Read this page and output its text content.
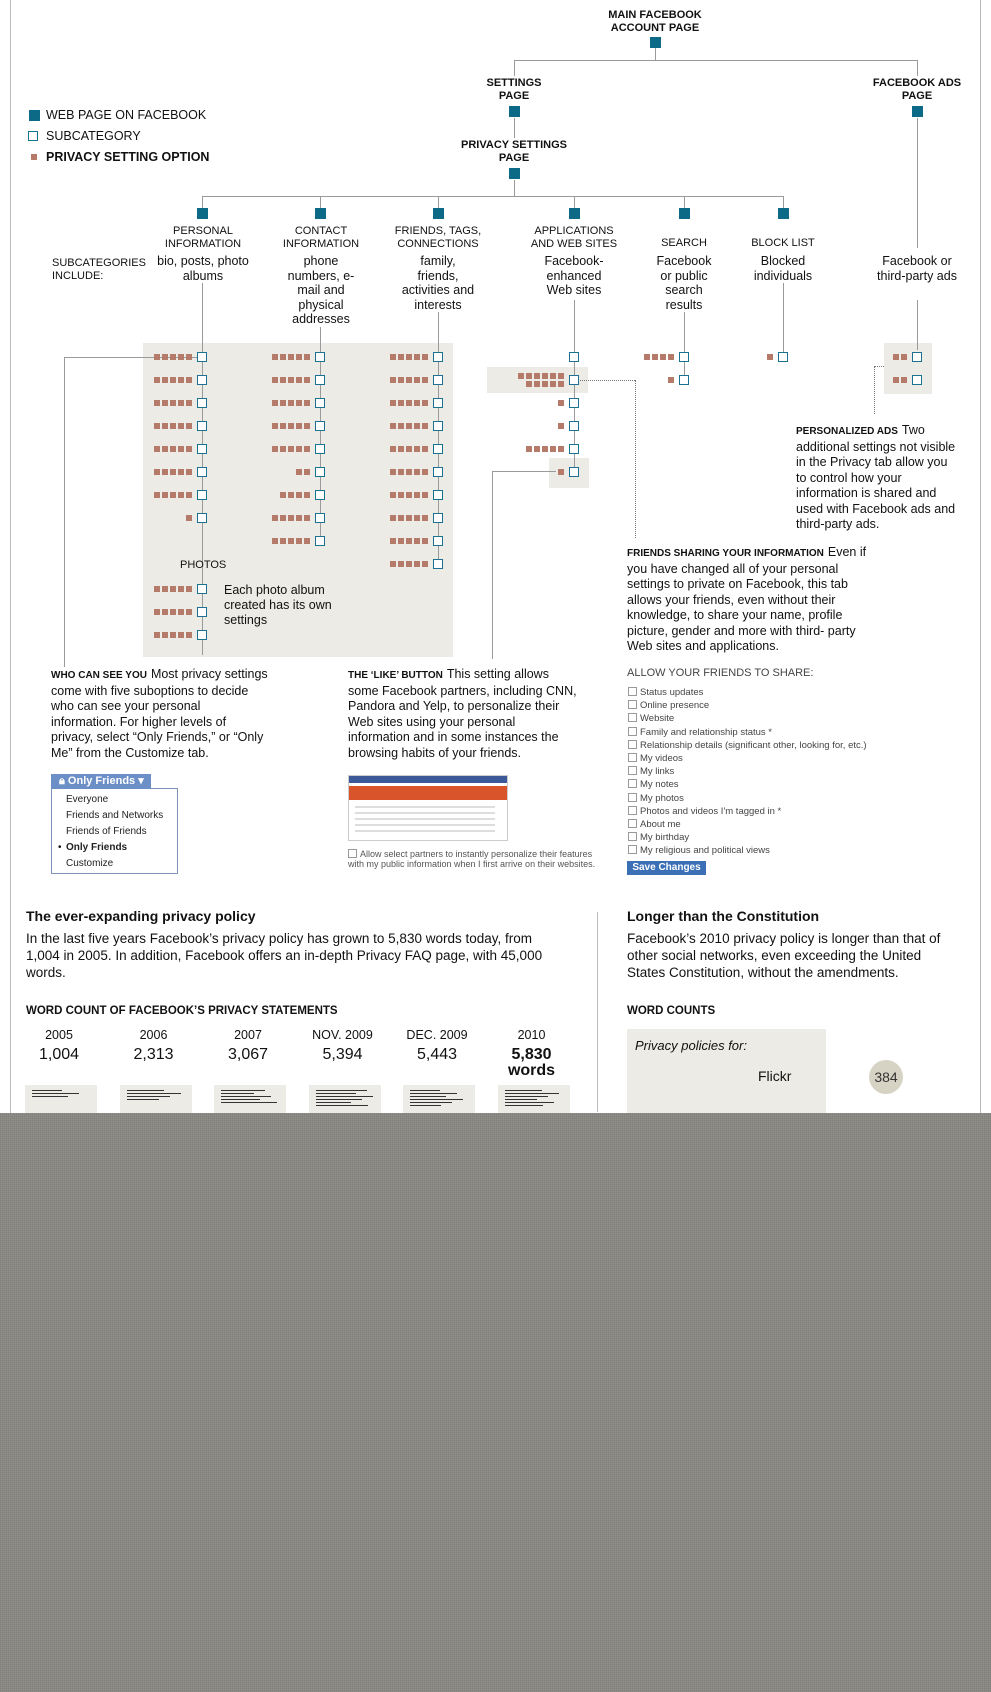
MAIN FACEBOOK ACCOUNT PAGE
SETTINGS PAGE
FACEBOOK ADS PAGE
PRIVACY SETTINGS PAGE
WEB PAGE ON FACEBOOK
SUBCATEGORY
PRIVACY SETTING OPTION
SUBCATEGORIES INCLUDE:
PERSONAL INFORMATION
bio, posts, photo albums
CONTACT INFORMATION
phone numbers, e-mail and physical addresses
FRIENDS, TAGS, CONNECTIONS
family, friends, activities and interests
APPLICATIONS AND WEB SITES
Facebook-enhanced Web sites
SEARCH
Facebook or public search results
BLOCK LIST
Blocked individuals
Facebook or third-party ads
PHOTOS
Each photo album created has its own settings
WHO CAN SEE YOU Most privacy settings come with five suboptions to decide who can see your personal information. For higher levels of privacy, select “Only Friends,” or “Only Me” from the Customize tab.
THE ‘LIKE’ BUTTON This setting allows some Facebook partners, including CNN, Pandora and Yelp, to personalize their Web sites using your personal information and in some instances the browsing habits of your friends.
FRIENDS SHARING YOUR INFORMATION Even if you have changed all of your personal settings to private on Facebook, this tab allows your friends, even without their knowledge, to share your name, profile picture, gender and more with third- party Web sites and applications.
PERSONALIZED ADS Two additional settings not visible in the Privacy tab allow you to control how your information is shared and used with Facebook ads and third-party ads.
🔒︎ Only Friends ▾
Everyone
Friends and Networks
Friends of Friends
• Only Friends
Customize
Allow select partners to instantly personalize their features with my public information when I first arrive on their websites.
ALLOW YOUR FRIENDS TO SHARE:
Status updates
Online presence
Website
Family and relationship status *
Relationship details (significant other, looking for, etc.)
My videos
My links
My notes
My photos
Photos and videos I'm tagged in *
About me
My birthday
My religious and political views
Save Changes
The ever-expanding privacy policy
In the last five years Facebook’s privacy policy has grown to 5,830 words today, from 1,004 in 2005. In addition, Facebook offers an in-depth Privacy FAQ page, with 45,000 words.
WORD COUNT OF FACEBOOK’S PRIVACY STATEMENTS
2005
1,004
2006
2,313
2007
3,067
NOV. 2009
5,394
DEC. 2009
5,443
2010
5,830
words
Longer than the Constitution
Facebook’s 2010 privacy policy is longer than that of other social networks, even exceeding the United States Constitution, without the amendments.
WORD COUNTS
Privacy policies for:
Flickr	384
